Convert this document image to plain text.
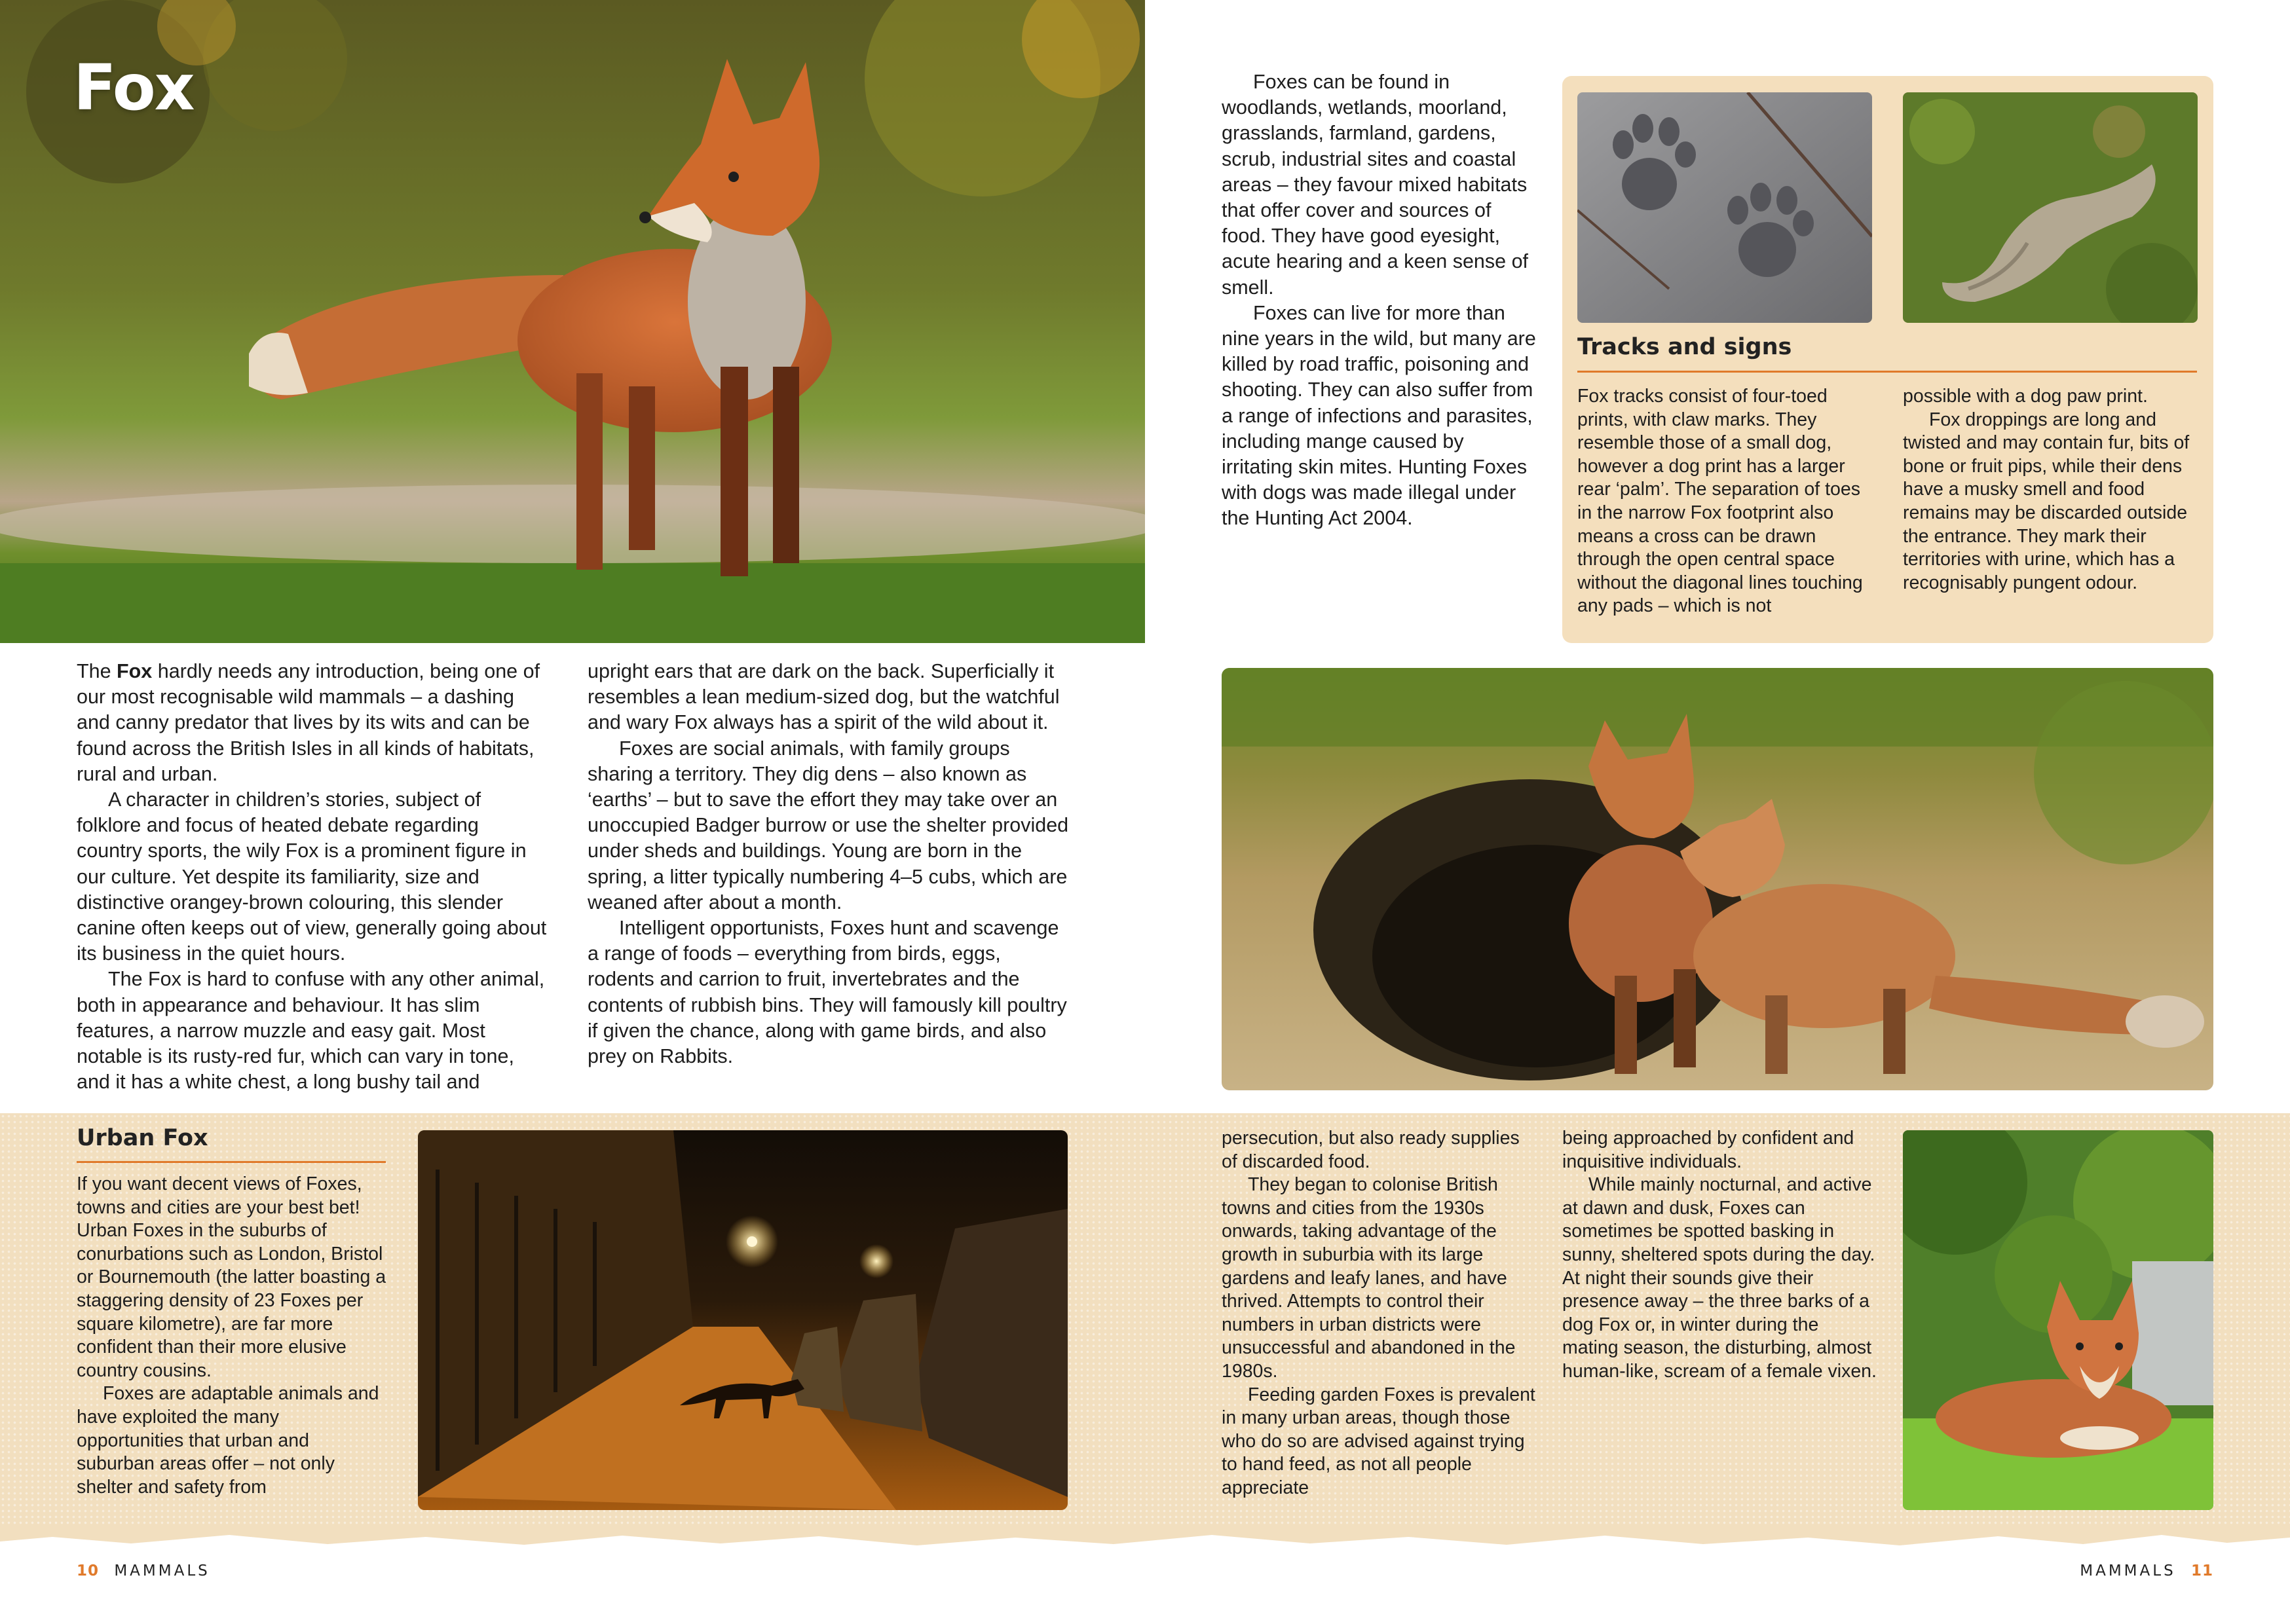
Fox

The Fox hardly needs any introduction, being one of our most recognisable wild mammals – a dashing and canny predator that lives by its wits and can be found across the British Isles in all kinds of habitats, rural and urban.

A character in children’s stories, subject of folklore and focus of heated debate regarding country sports, the wily Fox is a prominent figure in our culture. Yet despite its familiarity, size and distinctive orangey-brown colouring, this slender canine often keeps out of view, generally going about its business in the quiet hours.

The Fox is hard to confuse with any other animal, both in appearance and behaviour. It has slim features, a narrow muzzle and easy gait. Most notable is its rusty-red fur, which can vary in tone, and it has a white chest, a long bushy tail and

upright ears that are dark on the back. Superficially it resembles a lean medium-sized dog, but the watchful and wary Fox always has a spirit of the wild about it.

Foxes are social animals, with family groups sharing a territory. They dig dens – also known as ‘earths’ – but to save the effort they may take over an unoccupied Badger burrow or use the shelter provided under sheds and buildings. Young are born in the spring, a litter typically numbering 4–5 cubs, which are weaned after about a month.

Intelligent opportunists, Foxes hunt and scavenge a range of foods – everything from birds, eggs, rodents and carrion to fruit, invertebrates and the contents of rubbish bins. They will famously kill poultry if given the chance, along with game birds, and also prey on Rabbits.

Foxes can be found in woodlands, wetlands, moorland, grasslands, farmland, gardens, scrub, industrial sites and coastal areas – they favour mixed habitats that offer cover and sources of food. They have good eyesight, acute hearing and a keen sense of smell.

Foxes can live for more than nine years in the wild, but many are killed by road traffic, poisoning and shooting. They can also suffer from a range of infections and parasites, including mange caused by irritating skin mites. Hunting Foxes with dogs was made illegal under the Hunting Act 2004.

Tracks and signs

Fox tracks consist of four-toed prints, with claw marks. They resemble those of a small dog, however a dog print has a larger rear ‘palm’. The separation of toes in the narrow Fox footprint also means a cross can be drawn through the open central space without the diagonal lines touching any pads – which is not

possible with a dog paw print.

Fox droppings are long and twisted and may contain fur, bits of bone or fruit pips, while their dens have a musky smell and food remains may be discarded outside the entrance. They mark their territories with urine, which has a recognisably pungent odour.

Urban Fox

If you want decent views of Foxes, towns and cities are your best bet! Urban Foxes in the suburbs of conurbations such as London, Bristol or Bournemouth (the latter boasting a staggering density of 23 Foxes per square kilometre), are far more confident than their more elusive country cousins.

Foxes are adaptable animals and have exploited the many opportunities that urban and suburban areas offer – not only shelter and safety from

persecution, but also ready supplies of discarded food.

They began to colonise British towns and cities from the 1930s onwards, taking advantage of the growth in suburbia with its large gardens and leafy lanes, and have thrived. Attempts to control their numbers in urban districts were unsuccessful and abandoned in the 1980s.

Feeding garden Foxes is prevalent in many urban areas, though those who do so are advised against trying to hand feed, as not all people appreciate

being approached by confident and inquisitive individuals.

While mainly nocturnal, and active at dawn and dusk, Foxes can sometimes be spotted basking in sunny, sheltered spots during the day. At night their sounds give their presence away – the three barks of a dog Fox or, in winter during the mating season, the disturbing, almost human-like, scream of a female vixen.

10 MAMMALS	MAMMALS 11
